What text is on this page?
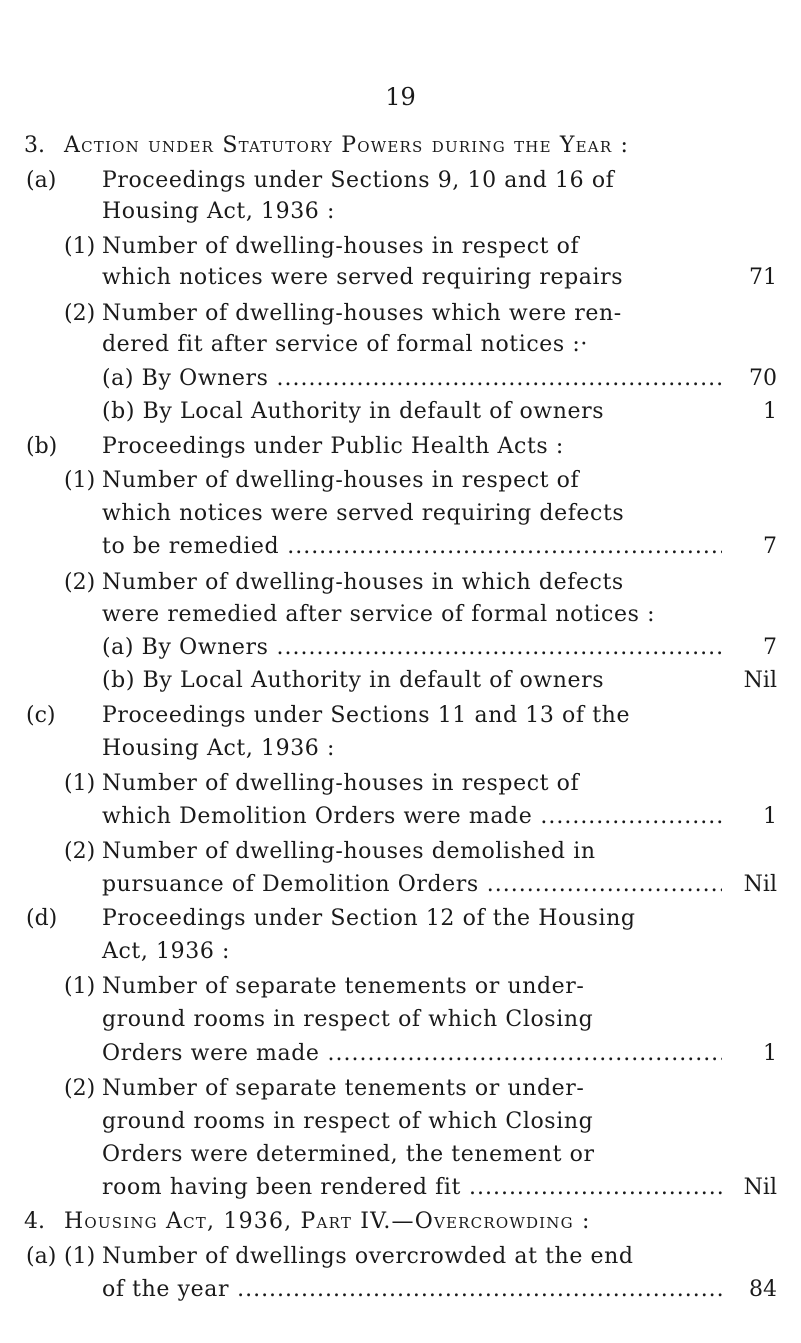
19
3. Action under Statutory Powers during the Year :
(a) Proceedings under Sections 9, 10 and 16 of
Housing Act, 1936 :
(1) Number of dwelling-houses in respect of
which notices were served requiring repairs	71
(2) Number of dwelling-houses which were ren-
dered fit after service of formal notices :·
(a) By Owners .....	70
(b) By Local Authority in default of owners	1
(b) Proceedings under Public Health Acts :
(1) Number of dwelling-houses in respect of
which notices were served requiring defects
to be remedied .....	7
(2) Number of dwelling-houses in which defects
were remedied after service of formal notices :
(a) By Owners .....	7
(b) By Local Authority in default of owners	Nil
(c) Proceedings under Sections 11 and 13 of the
Housing Act, 1936 :
(1) Number of dwelling-houses in respect of
which Demolition Orders were made .....	1
(2) Number of dwelling-houses demolished in
pursuance of Demolition Orders .....	Nil
(d) Proceedings under Section 12 of the Housing
Act, 1936 :
(1) Number of separate tenements or under-
ground rooms in respect of which Closing
Orders were made .....	1
(2) Number of separate tenements or under-
ground rooms in respect of which Closing
Orders were determined, the tenement or
room having been rendered fit .....	Nil
4. Housing Act, 1936, Part IV.—Overcrowding :
(a) (1) Number of dwellings overcrowded at the end
of the year .....	84
